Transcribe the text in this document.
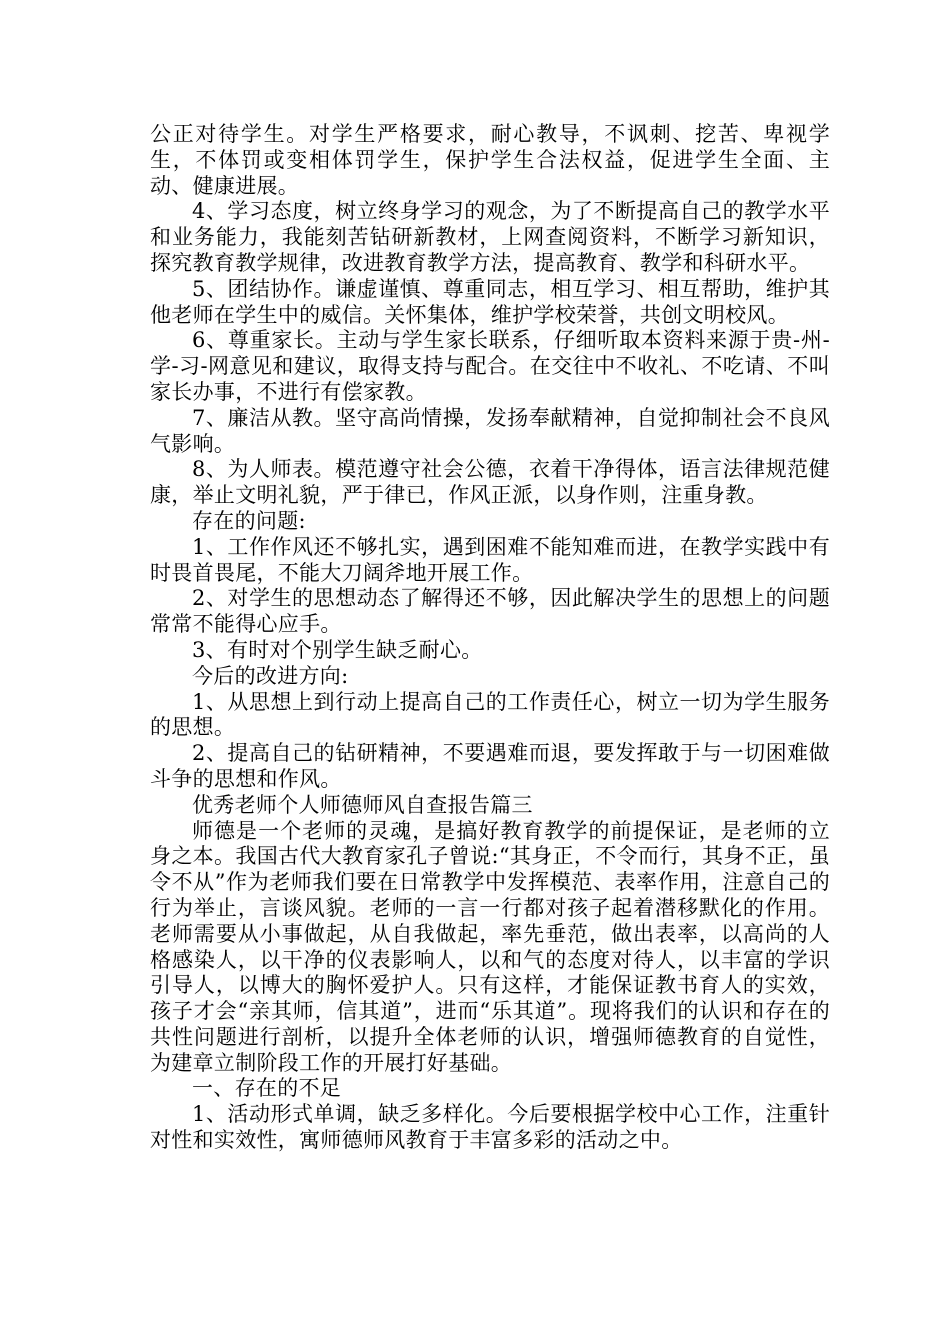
公正对待学生。对学生严格要求，耐心教导，不讽刺、挖苦、卑视学生，不体罚或变相体罚学生，保护学生合法权益，促进学生全面、主动、健康进展。

4、学习态度，树立终身学习的观念，为了不断提高自己的教学水平和业务能力，我能刻苦钻研新教材，上网查阅资料，不断学习新知识，探究教育教学规律，改进教育教学方法，提高教育、教学和科研水平。

5、团结协作。谦虚谨慎、尊重同志，相互学习、相互帮助，维护其他老师在学生中的威信。关怀集体，维护学校荣誉，共创文明校风。

6、尊重家长。主动与学生家长联系，仔细听取本资料来源于贵-州-学-习-网意见和建议，取得支持与配合。在交往中不收礼、不吃请、不叫家长办事，不进行有偿家教。

7、廉洁从教。坚守高尚情操，发扬奉献精神，自觉抑制社会不良风气影响。

8、为人师表。模范遵守社会公德，衣着干净得体，语言法律规范健康，举止文明礼貌，严于律已，作风正派，以身作则，注重身教。

存在的问题:

1、工作作风还不够扎实，遇到困难不能知难而进，在教学实践中有时畏首畏尾，不能大刀阔斧地开展工作。

2、对学生的思想动态了解得还不够，因此解决学生的思想上的问题常常不能得心应手。

3、有时对个别学生缺乏耐心。

今后的改进方向:

1、从思想上到行动上提高自己的工作责任心，树立一切为学生服务的思想。

2、提高自己的钻研精神，不要遇难而退，要发挥敢于与一切困难做斗争的思想和作风。

优秀老师个人师德师风自查报告篇三

师德是一个老师的灵魂，是搞好教育教学的前提保证，是老师的立身之本。我国古代大教育家孔子曾说:“其身正，不令而行，其身不正，虽令不从”作为老师我们要在日常教学中发挥模范、表率作用，注意自己的行为举止，言谈风貌。老师的一言一行都对孩子起着潜移默化的作用。老师需要从小事做起，从自我做起，率先垂范，做出表率，以高尚的人格感染人，以干净的仪表影响人，以和气的态度对待人，以丰富的学识引导人，以博大的胸怀爱护人。只有这样，才能保证教书育人的实效，孩子才会“亲其师，信其道”，进而“乐其道”。现将我们的认识和存在的共性问题进行剖析，以提升全体老师的认识，增强师德教育的自觉性，为建章立制阶段工作的开展打好基础。

一、存在的不足

1、活动形式单调，缺乏多样化。今后要根据学校中心工作，注重针对性和实效性，寓师德师风教育于丰富多彩的活动之中。
